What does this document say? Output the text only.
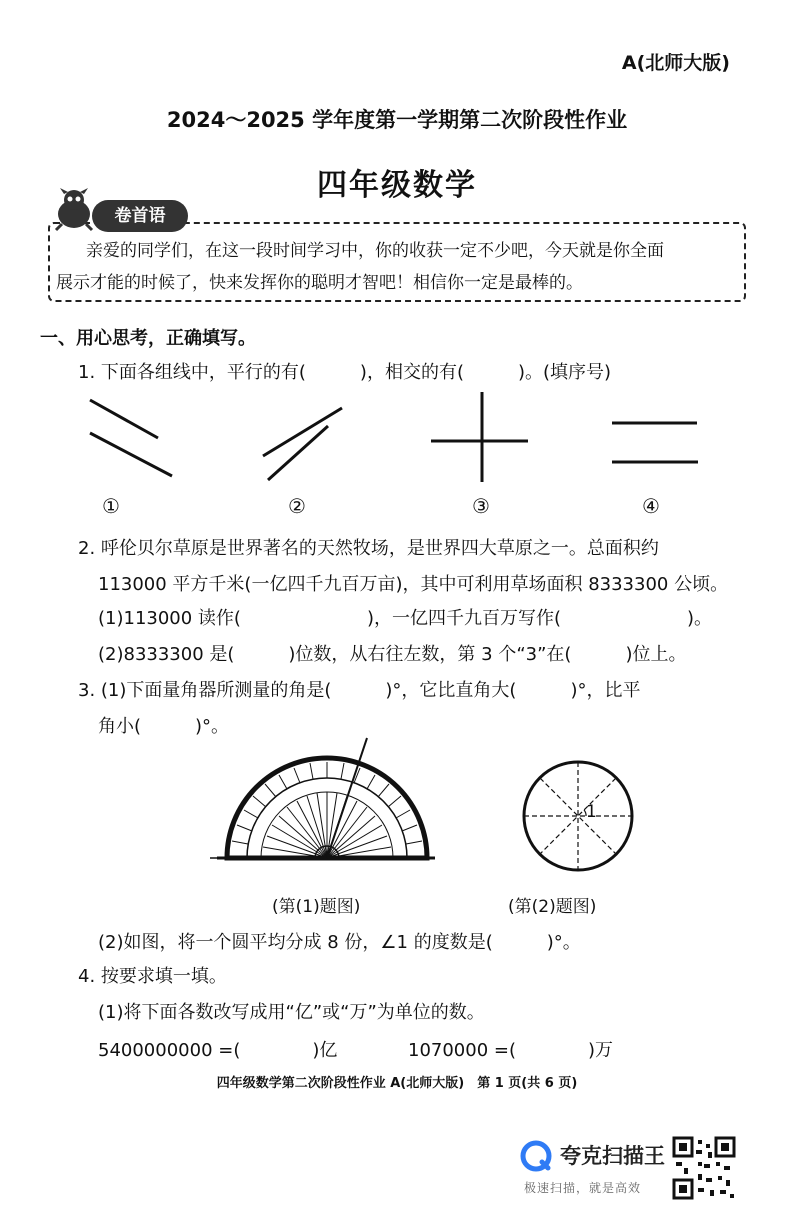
A(北师大版)
2024～2025 学年度第一学期第二次阶段性作业
四年级数学
卷首语
亲爱的同学们，在这一段时间学习中，你的收获一定不少吧，今天就是你全面
展示才能的时候了，快来发挥你的聪明才智吧！相信你一定是最棒的。
一、用心思考，正确填写。
1. 下面各组线中，平行的有(　　　)，相交的有(　　　)。(填序号)
①	②	③	④
2. 呼伦贝尔草原是世界著名的天然牧场，是世界四大草原之一。总面积约
113000 平方千米(一亿四千九百万亩)，其中可利用草场面积 8333300 公顷。
(1)113000 读作(　　　　　　　)，一亿四千九百万写作(　　　　　　　)。
(2)8333300 是(　　　)位数，从右往左数，第 3 个“3”在(　　　)位上。
3. (1)下面量角器所测量的角是(　　　)°，它比直角大(　　　)°，比平
角小(　　　)°。
1
(第(1)题图)	(第(2)题图)
(2)如图，将一个圆平均分成 8 份，∠1 的度数是(　　　)°。
4. 按要求填一填。
(1)将下面各数改写成用“亿”或“万”为单位的数。
5400000000 =(　　　　)亿	1070000 =(　　　　)万
四年级数学第二次阶段性作业 A(北师大版)　第 1 页(共 6 页)
夸克扫描王
极速扫描，就是高效
